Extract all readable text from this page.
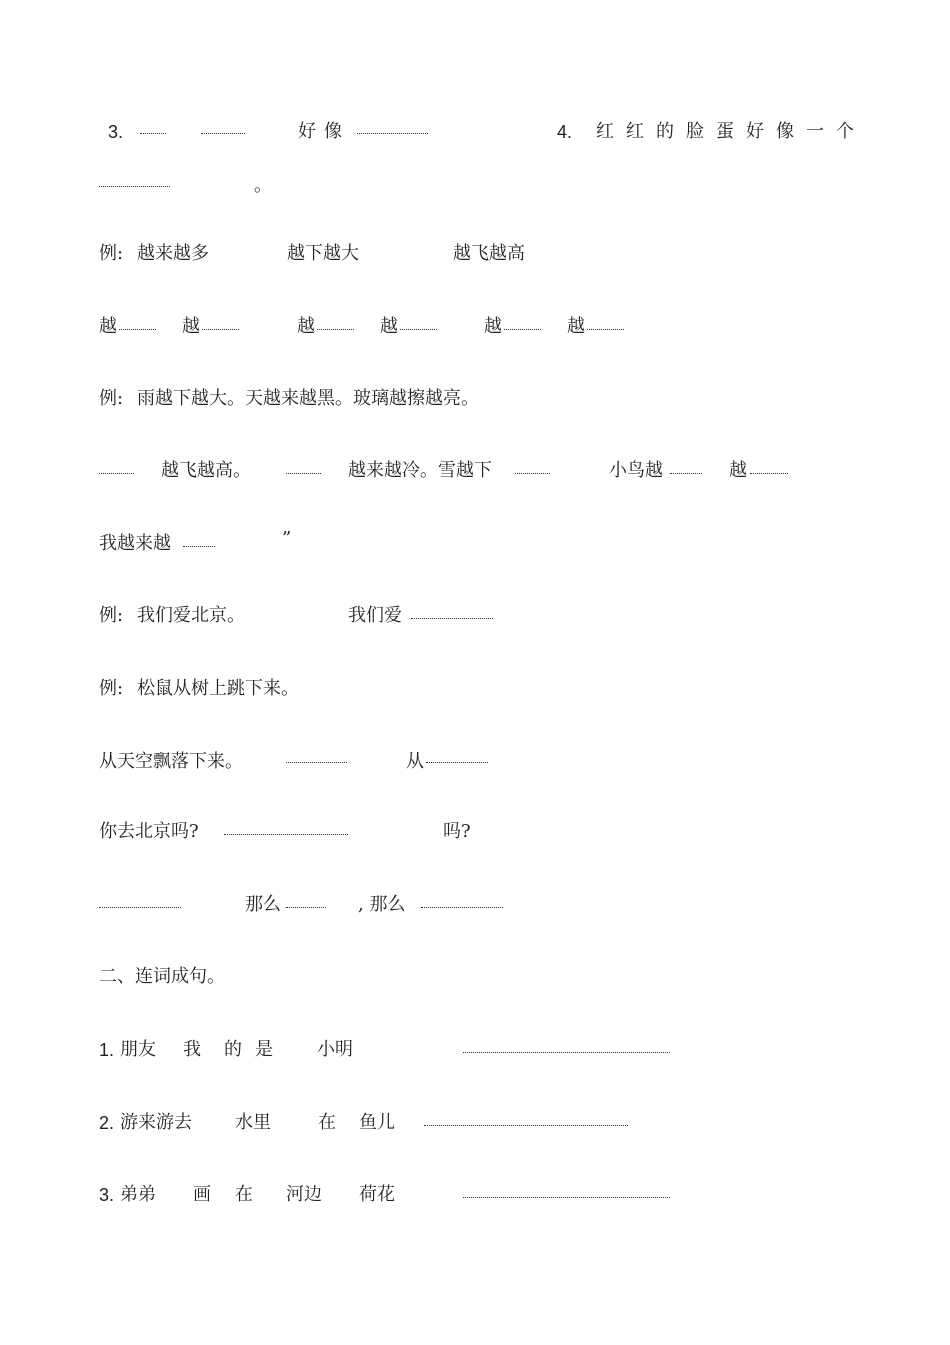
3.	好像	4. 红红的脸蛋好像一个
。
例: 越来越多	越下越大	越飞越高
越	越	越	越	越	越
例: 雨越下越大。天越来越黑。玻璃越擦越亮。
越飞越高。	越来越冷。雪越下	小鸟越	越
我越来越	”
例: 我们爱北京。	我们爱
例: 松鼠从树上跳下来。
从天空飘落下来。	从
你去北京吗?	吗?
那么	, 那么
二、连词成句。
1. 朋友 我 的 是 小明
2. 游来游去 水里	在 鱼儿
3. 弟弟 画 在 河边 荷花
